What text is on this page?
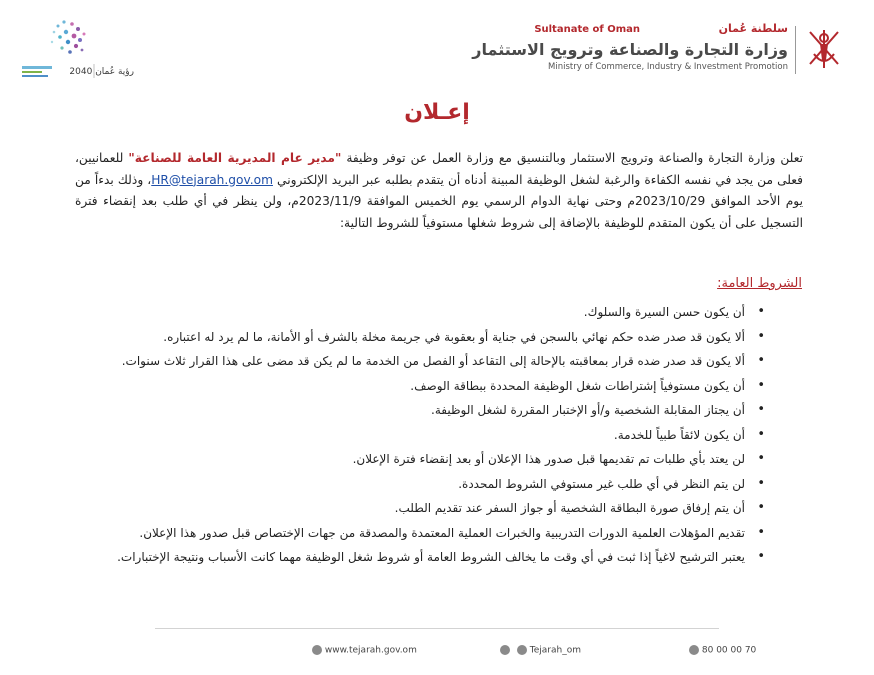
رؤية عُمان 2040
Sultanate of Oman	سلطنة عُمان
وزارة التجارة والصناعة وترويج الاستثمار
Ministry of Commerce, Industry & Investment Promotion
إعـلان

تعلن وزارة التجارة والصناعة وترويج الاستثمار وبالتنسيق مع وزارة العمل عن توفر وظيفة "مدير عام المديرية العامة للصناعة" للعمانيين، فعلى من يجد في نفسه الكفاءة والرغبة لشغل الوظيفة المبينة أدناه أن يتقدم بطلبه عبر البريد الإلكتروني HR@tejarah.gov.om، وذلك بدءاً من يوم الأحد الموافق 2023/10/29م وحتى نهاية الدوام الرسمي يوم الخميس الموافقة 2023/11/9م، ولن ينظر في أي طلب بعد إنقضاء فترة التسجيل على أن يكون المتقدم للوظيفة بالإضافة إلى شروط شغلها مستوفياً للشروط التالية:

الشروط العامة:
• أن يكون حسن السيرة والسلوك.
• ألا يكون قد صدر ضده حكم نهائي بالسجن في جناية أو بعقوبة في جريمة مخلة بالشرف أو الأمانة، ما لم يرد له اعتباره.
• ألا يكون قد صدر ضده قرار بمعاقبته بالإحالة إلى التقاعد أو الفصل من الخدمة ما لم يكن قد مضى على هذا القرار ثلاث سنوات.
• أن يكون مستوفياً إشتراطات شغل الوظيفة المحددة ببطاقة الوصف.
• أن يجتاز المقابلة الشخصية و/أو الإختبار المقررة لشغل الوظيفة.
• أن يكون لائقاً طبياً للخدمة.
• لن يعتد بأي طلبات تم تقديمها قبل صدور هذا الإعلان أو بعد إنقضاء فترة الإعلان.
• لن يتم النظر في أي طلب غير مستوفي الشروط المحددة.
• أن يتم إرفاق صورة البطاقة الشخصية أو جواز السفر عند تقديم الطلب.
• تقديم المؤهلات العلمية الدورات التدريبية والخبرات العملية المعتمدة والمصدقة من جهات الإختصاص قبل صدور هذا الإعلان.
• يعتبر الترشيح لاغياً إذا ثبت في أي وقت ما يخالف الشروط العامة أو شروط شغل الوظيفة مهما كانت الأسباب ونتيجة الإختبارات.
www.tejarah.gov.om	Tejarah_om	80 00 00 70
